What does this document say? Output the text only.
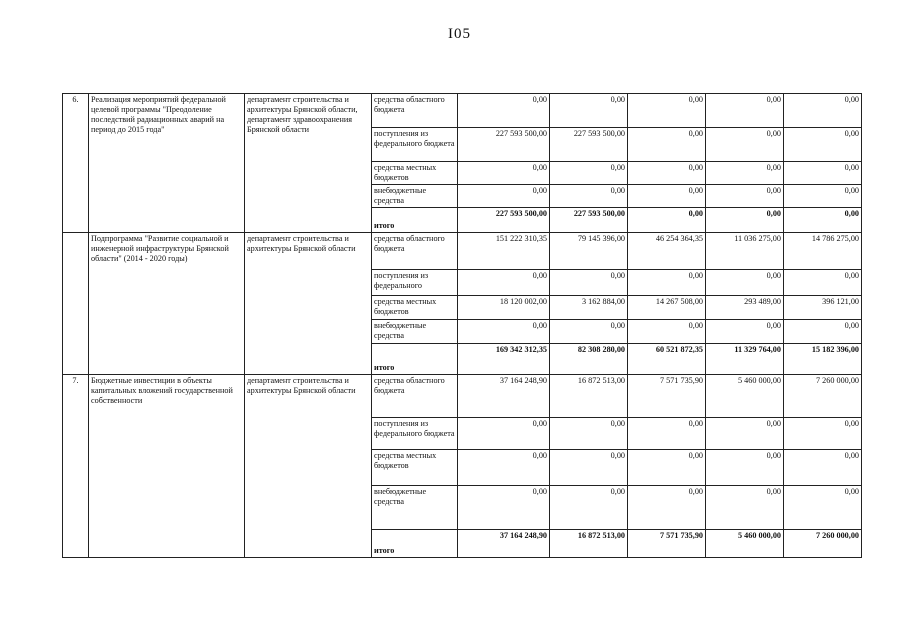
I05
6.	Реализация мероприятий федеральной целевой программы "Преодоление последствий радиационных аварий на период до 2015 года"	департамент строительства и архитектуры Брянской области, департамент здравоохранения Брянской области	средства областного бюджета	0,00	0,00	0,00	0,00	0,00
			поступления из федерального бюджета	227 593 500,00	227 593 500,00	0,00	0,00	0,00
			средства местных бюджетов	0,00	0,00	0,00	0,00	0,00
			внебюджетные средства	0,00	0,00	0,00	0,00	0,00
			итого	227 593 500,00	227 593 500,00	0,00	0,00	0,00
	Подпрограмма "Развитие социальной и инженерной инфраструктуры Брянской области" (2014 - 2020 годы)	департамент строительства и архитектуры Брянской области	средства областного бюджета	151 222 310,35	79 145 396,00	46 254 364,35	11 036 275,00	14 786 275,00
			поступления из федерального	0,00	0,00	0,00	0,00	0,00
			средства местных бюджетов	18 120 002,00	3 162 884,00	14 267 508,00	293 489,00	396 121,00
			внебюджетные средства	0,00	0,00	0,00	0,00	0,00
			итого	169 342 312,35	82 308 280,00	60 521 872,35	11 329 764,00	15 182 396,00
7.	Бюджетные инвестиции в объекты капитальных вложений государственной собственности	департамент строительства и архитектуры Брянской области	средства областного бюджета	37 164 248,90	16 872 513,00	7 571 735,90	5 460 000,00	7 260 000,00
			поступления из федерального бюджета	0,00	0,00	0,00	0,00	0,00
			средства местных бюджетов	0,00	0,00	0,00	0,00	0,00
			внебюджетные средства	0,00	0,00	0,00	0,00	0,00
			итого	37 164 248,90	16 872 513,00	7 571 735,90	5 460 000,00	7 260 000,00
